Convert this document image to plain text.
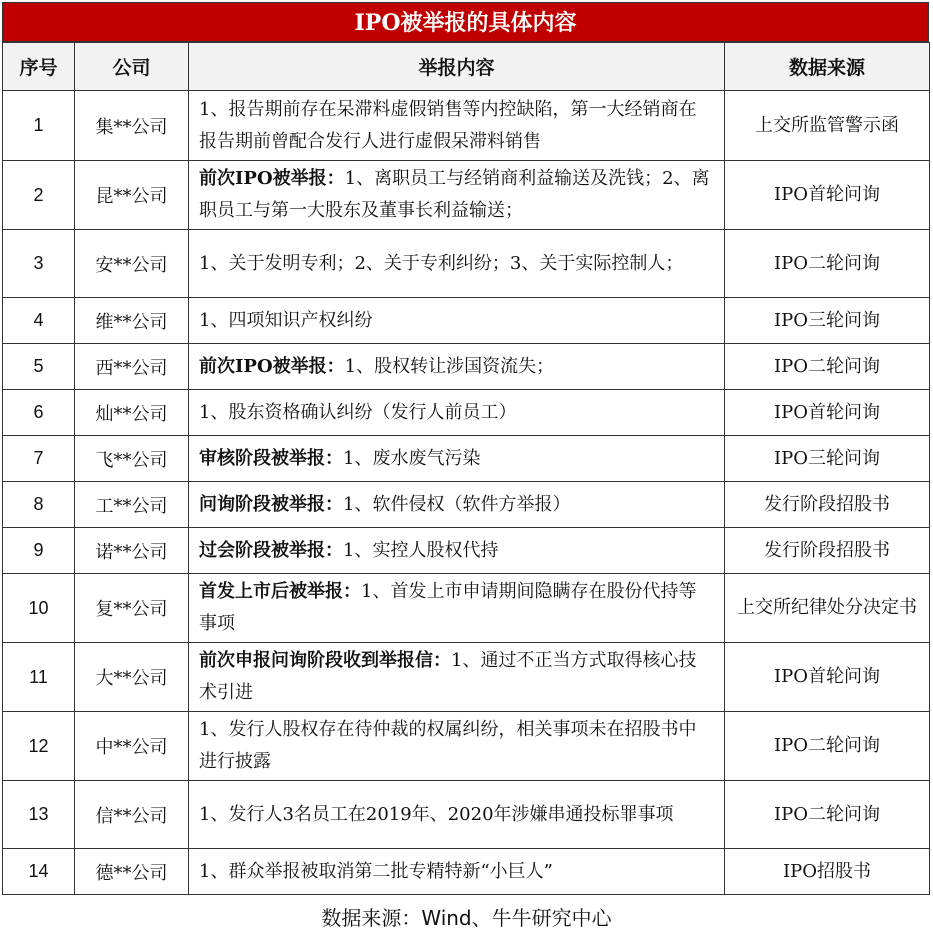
IPO被举报的具体内容
序号	公司	举报内容	数据来源
1	集**公司	1、报告期前存在呆滞料虚假销售等内控缺陷，第一大经销商在报告期前曾配合发行人进行虚假呆滞料销售	上交所监管警示函
2	昆**公司	前次IPO被举报：1、离职员工与经销商利益输送及洗钱；2、离职员工与第一大股东及董事长利益输送；	IPO首轮问询
3	安**公司	1、关于发明专利；2、关于专利纠纷；3、关于实际控制人；	IPO二轮问询
4	维**公司	1、四项知识产权纠纷	IPO三轮问询
5	西**公司	前次IPO被举报：1、股权转让涉国资流失；	IPO二轮问询
6	灿**公司	1、股东资格确认纠纷（发行人前员工）	IPO首轮问询
7	飞**公司	审核阶段被举报：1、废水废气污染	IPO三轮问询
8	工**公司	问询阶段被举报：1、软件侵权（软件方举报）	发行阶段招股书
9	诺**公司	过会阶段被举报：1、实控人股权代持	发行阶段招股书
10	复**公司	首发上市后被举报：1、首发上市申请期间隐瞒存在股份代持等事项	上交所纪律处分决定书
11	大**公司	前次申报问询阶段收到举报信：1、通过不正当方式取得核心技术引进	IPO首轮问询
12	中**公司	1、发行人股权存在待仲裁的权属纠纷，相关事项未在招股书中进行披露	IPO二轮问询
13	信**公司	1、发行人3名员工在2019年、2020年涉嫌串通投标罪事项	IPO二轮问询
14	德**公司	1、群众举报被取消第二批专精特新“小巨人”	IPO招股书
数据来源：Wind、牛牛研究中心
